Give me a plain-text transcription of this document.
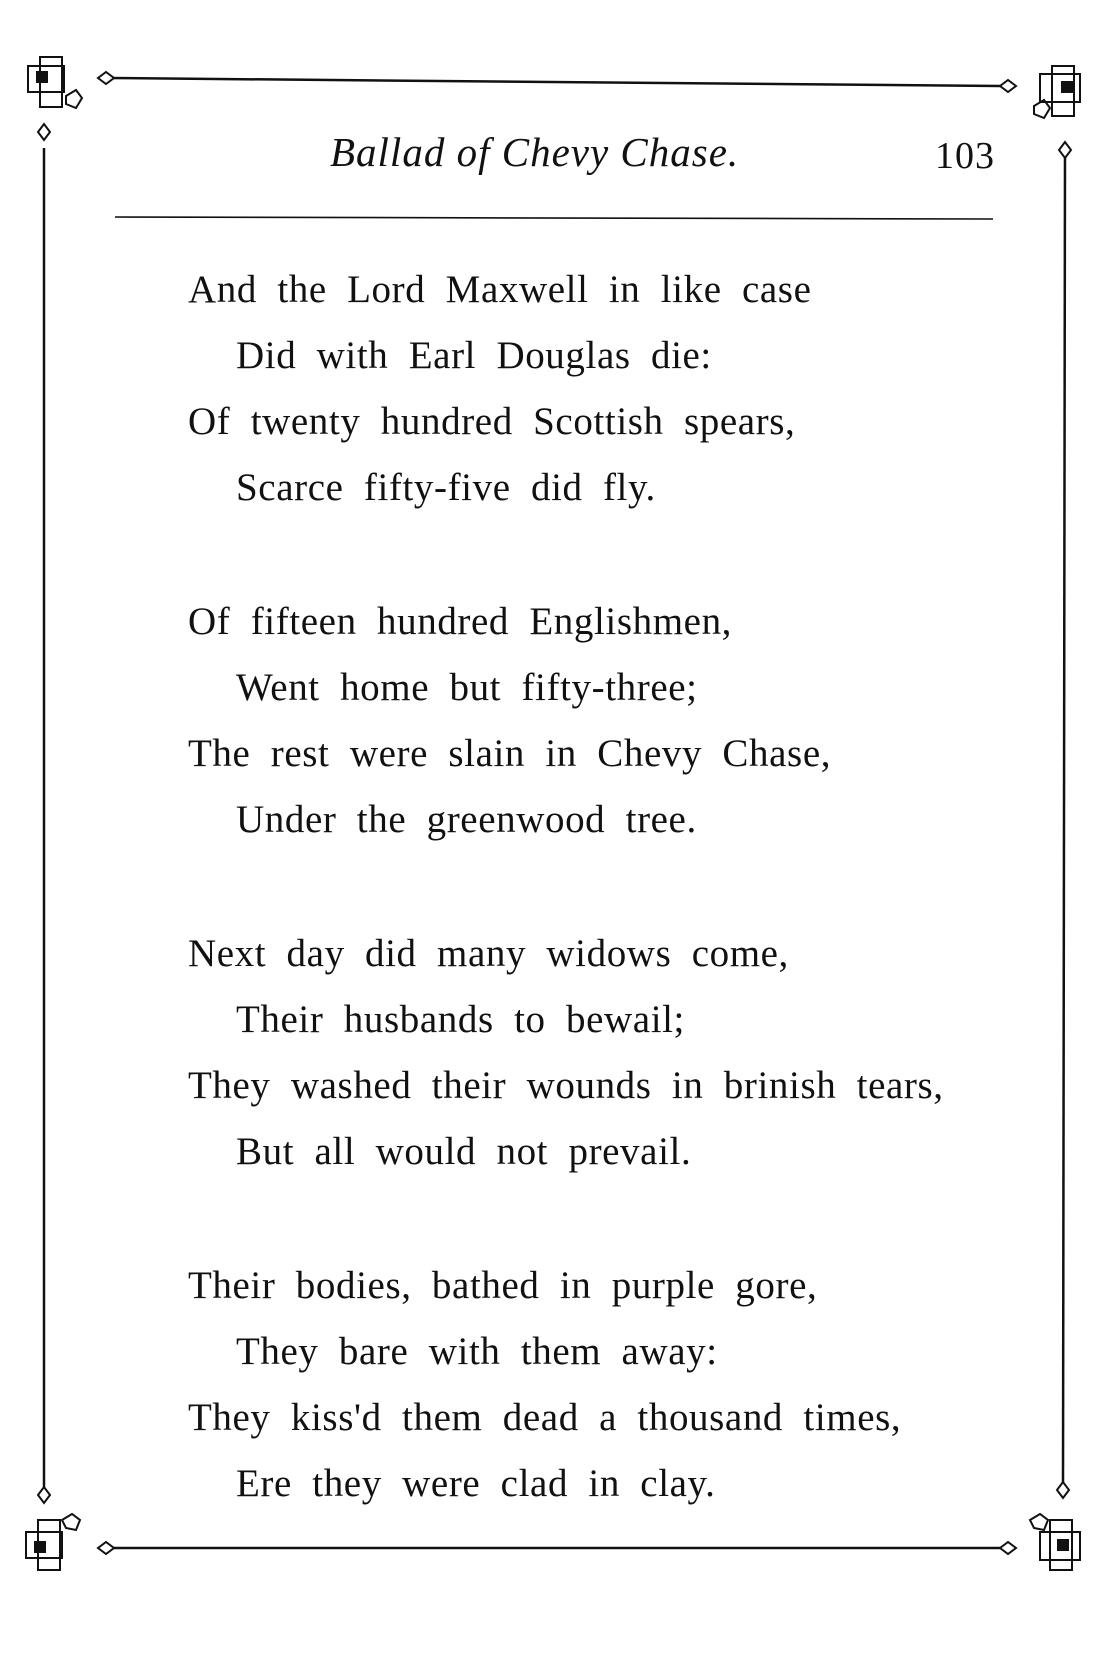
Ballad of Chevy Chase.	103
And the Lord Maxwell in like case
Did with Earl Douglas die:
Of twenty hundred Scottish spears,
Scarce fifty-five did fly.
Of fifteen hundred Englishmen,
Went home but fifty-three;
The rest were slain in Chevy Chase,
Under the greenwood tree.
Next day did many widows come,
Their husbands to bewail;
They washed their wounds in brinish tears,
But all would not prevail.
Their bodies, bathed in purple gore,
They bare with them away:
They kiss'd them dead a thousand times,
Ere they were clad in clay.
